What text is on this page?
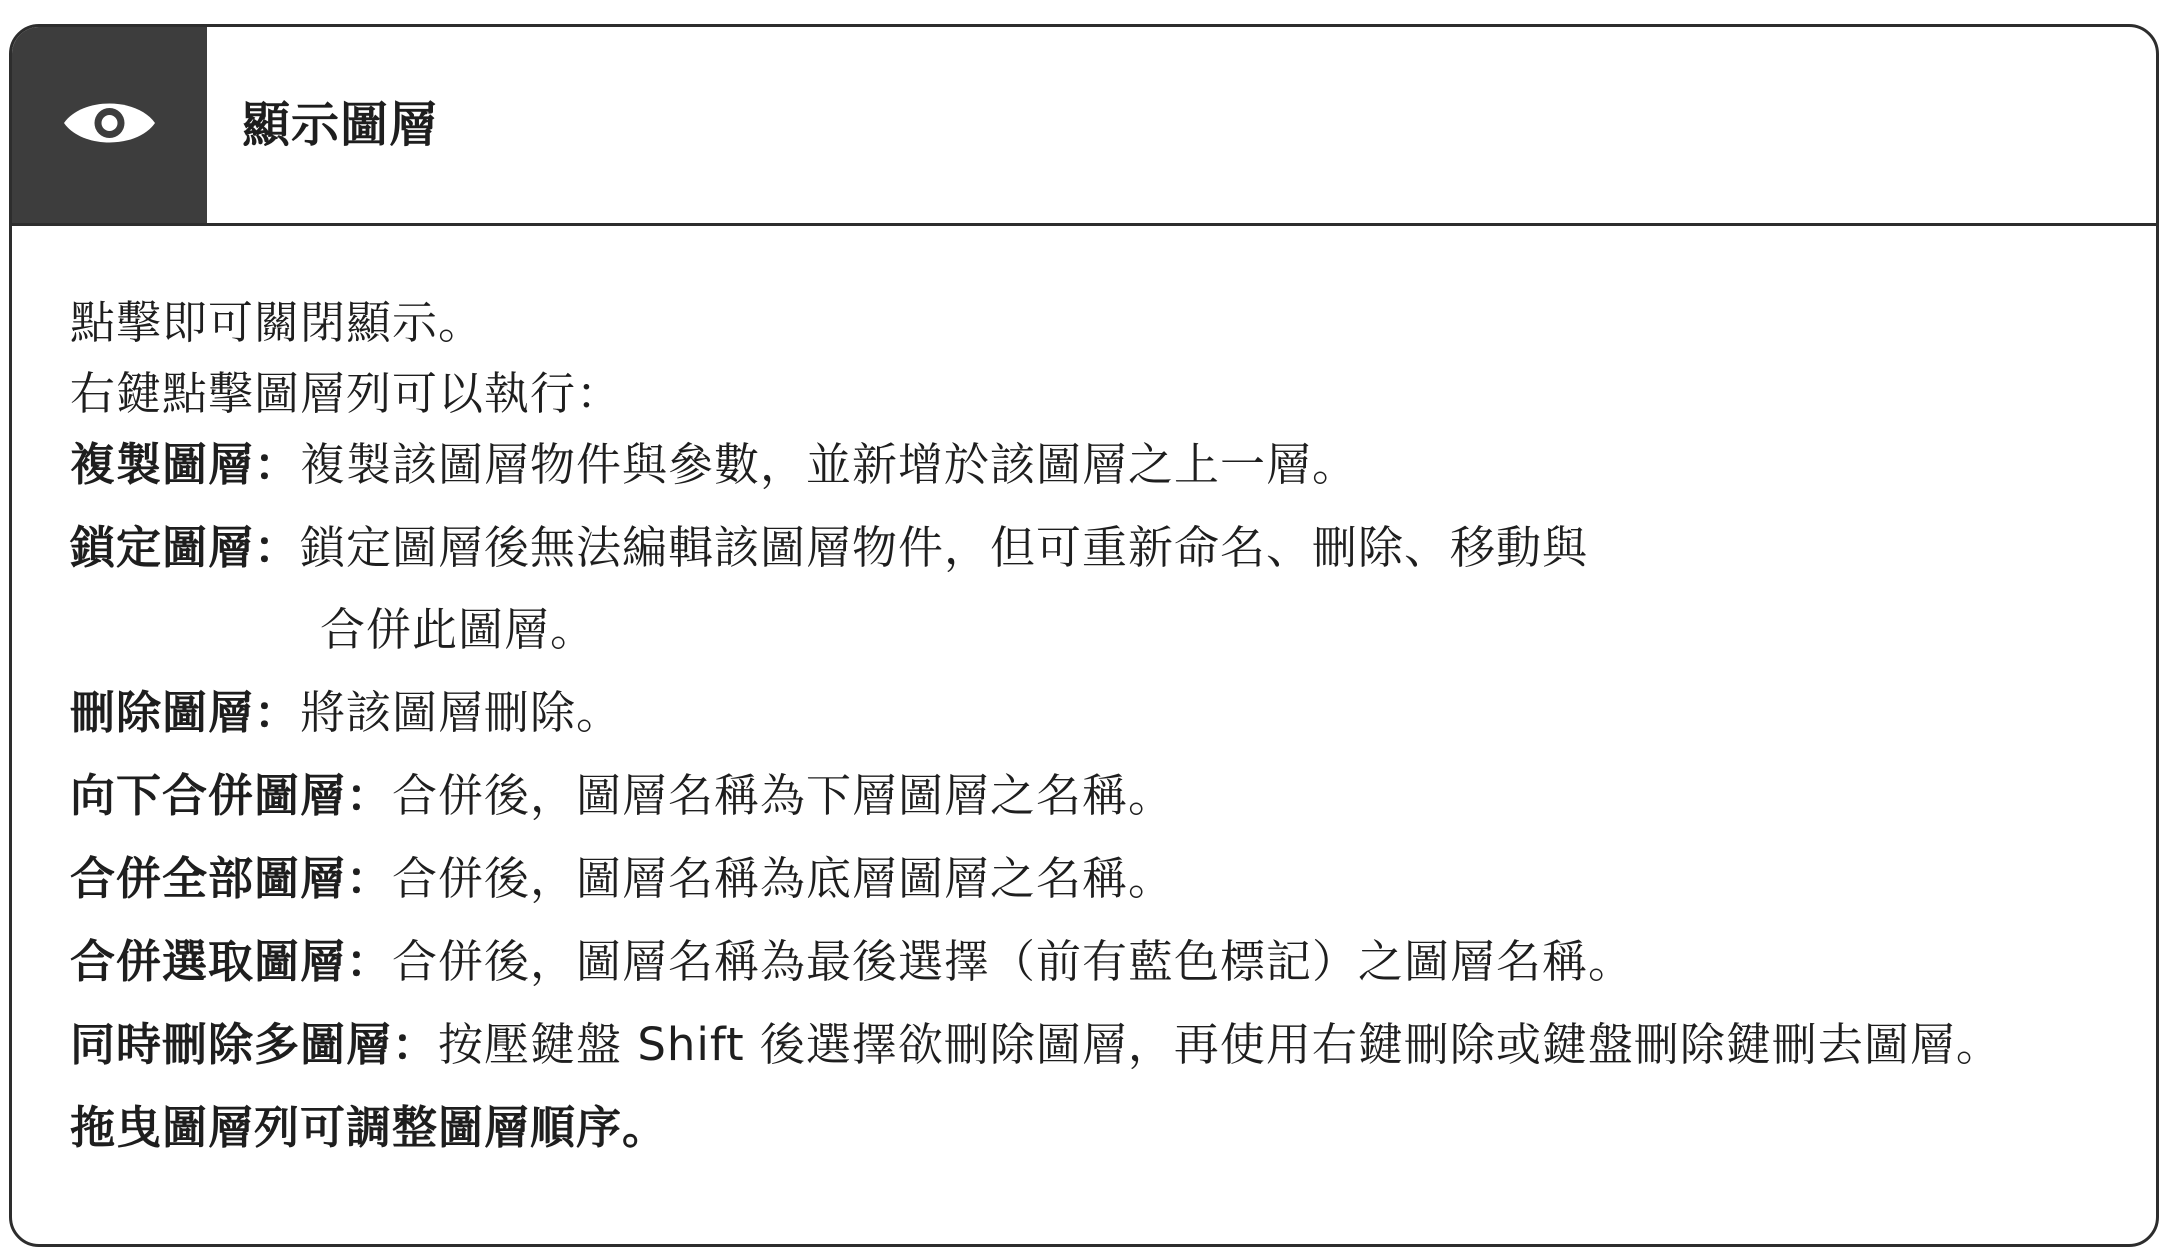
顯示圖層
點擊即可關閉顯示。
右鍵點擊圖層列可以執行：
複製圖層：複製該圖層物件與參數，並新增於該圖層之上一層。
鎖定圖層：鎖定圖層後無法編輯該圖層物件，但可重新命名、刪除、移動與
合併此圖層。
刪除圖層：將該圖層刪除。
向下合併圖層：合併後，圖層名稱為下層圖層之名稱。
合併全部圖層：合併後，圖層名稱為底層圖層之名稱。
合併選取圖層：合併後，圖層名稱為最後選擇（前有藍色標記）之圖層名稱。
同時刪除多圖層：按壓鍵盤 Shift 後選擇欲刪除圖層，再使用右鍵刪除或鍵盤刪除鍵刪去圖層。
拖曳圖層列可調整圖層順序。
